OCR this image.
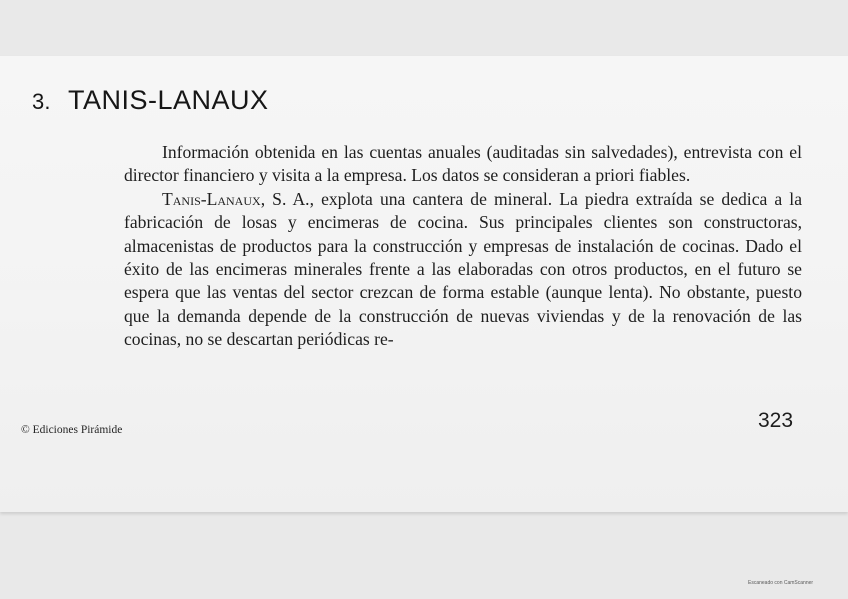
3. TANIS-LANAUX

Información obtenida en las cuentas anuales (auditadas sin salvedades), entrevista con el director financiero y visita a la empresa. Los datos se consideran a priori fiables.

Tanis-Lanaux, S. A., explota una cantera de mineral. La piedra extraída se dedica a la fabricación de losas y encimeras de cocina. Sus principales clientes son constructoras, almacenistas de productos para la construcción y empresas de instalación de cocinas. Dado el éxito de las encimeras minerales frente a las elaboradas con otros productos, en el futuro se espera que las ventas del sector crezcan de forma estable (aunque lenta). No obstante, puesto que la demanda depende de la construcción de nuevas viviendas y de la renovación de las cocinas, no se descartan periódicas re-

© Ediciones Pirámide	323
Escaneado con CamScanner
